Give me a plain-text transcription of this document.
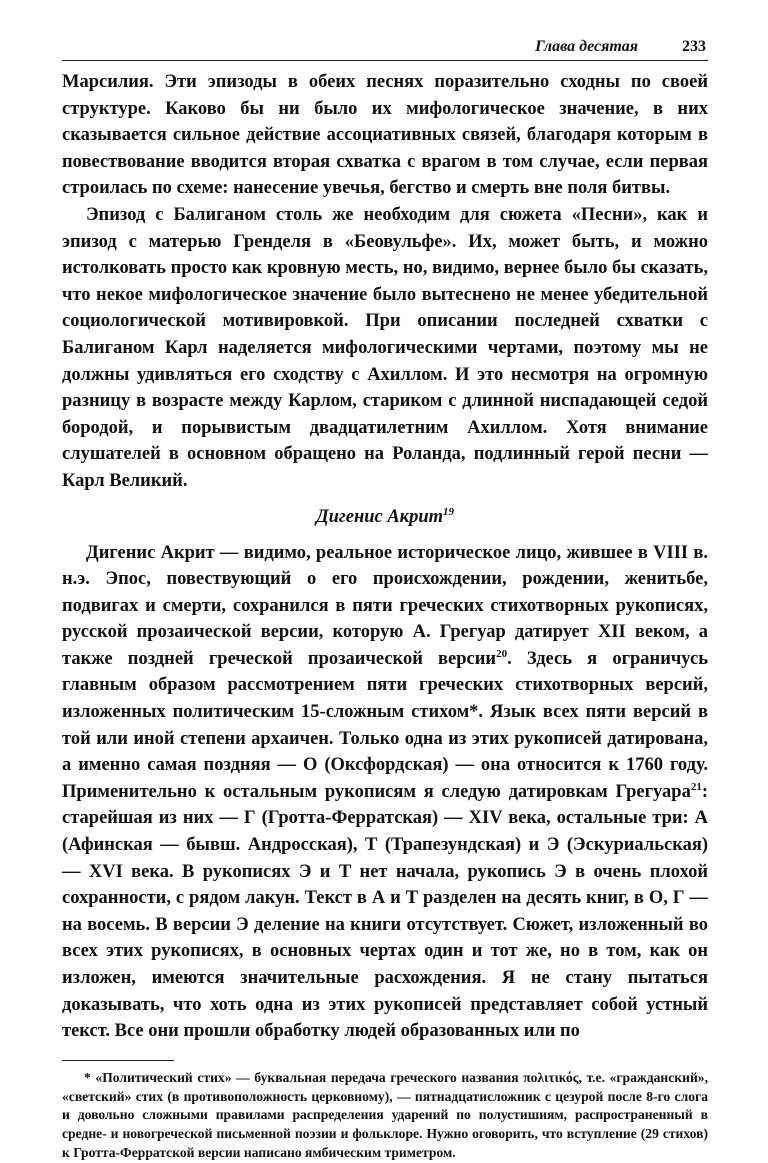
Глава десятая	233

Марсилия. Эти эпизоды в обеих песнях поразительно сходны по своей структуре. Каково бы ни было их мифологическое значение, в них сказывается сильное действие ассоциативных связей, благодаря которым в повествование вводится вторая схватка с врагом в том случае, если первая строилась по схеме: нанесение увечья, бегство и смерть вне поля битвы.

Эпизод с Балиганом столь же необходим для сюжета «Песни», как и эпизод с матерью Гренделя в «Беовульфе». Их, может быть, и можно истолковать просто как кровную месть, но, видимо, вернее было бы сказать, что некое мифологическое значение было вытеснено не менее убедительной социологической мотивировкой. При описании последней схватки с Балиганом Карл наделяется мифологическими чертами, поэтому мы не должны удивляться его сходству с Ахиллом. И это несмотря на огромную разницу в возрасте между Карлом, стариком с длинной ниспадающей седой бородой, и порывистым двадцатилетним Ахиллом. Хотя внимание слушателей в основном обращено на Роланда, подлинный герой песни — Карл Великий.

Дигенис Акрит$^{19}$

Дигенис Акрит — видимо, реальное историческое лицо, жившее в VIII в. н.э. Эпос, повествующий о его происхождении, рождении, женитьбе, подвигах и смерти, сохранился в пяти греческих стихотворных рукописях, русской прозаической версии, которую А. Грегуар датирует XII веком, а также поздней греческой прозаической версии$^{20}$. Здесь я ограничусь главным образом рассмотрением пяти греческих стихотворных версий, изложенных политическим 15-сложным стихом*. Язык всех пяти версий в той или иной степени архаичен. Только одна из этих рукописей датирована, а именно самая поздняя — О (Оксфордская) — она относится к 1760 году. Применительно к остальным рукописям я следую датировкам Грегуара$^{21}$: старейшая из них — Г (Гротта-Ферратская) — XIV века, остальные три: А (Афинская — бывш. Андросская), Т (Трапезундская) и Э (Эскуриальская) — XVI века. В рукописях Э и Т нет начала, рукопись Э в очень плохой сохранности, с рядом лакун. Текст в А и Т разделен на десять книг, в О, Г — на восемь. В версии Э деление на книги отсутствует. Сюжет, изложенный во всех этих рукописях, в основных чертах один и тот же, но в том, как он изложен, имеются значительные расхождения. Я не стану пытаться доказывать, что хоть одна из этих рукописей представляет собой устный текст. Все они прошли обработку людей образованных или по

* «Политический стих» — буквальная передача греческого названия πολιτικός, т.е. «гражданский», «светский» стих (в противоположность церковному), — пятнадцатисложник с цезурой после 8-го слога и довольно сложными правилами распределения ударений по полустишиям, распространенный в средне- и новогреческой письменной поэзии и фольклоре. Нужно оговорить, что вступление (29 стихов) к Гротта-Ферратской версии написано ямбическим триметром.
